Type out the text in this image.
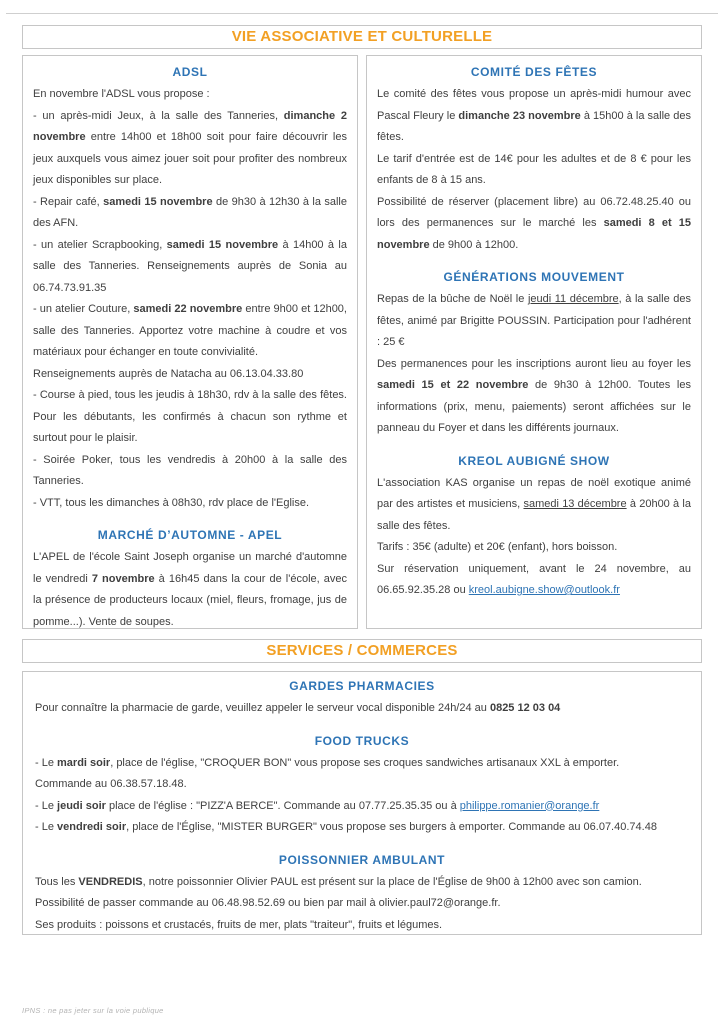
VIE ASSOCIATIVE ET CULTURELLE
ADSL

En novembre l'ADSL vous propose :

- un après-midi Jeux, à la salle des Tanneries, dimanche 2 novembre entre 14h00 et 18h00 soit pour faire découvrir les jeux auxquels vous aimez jouer soit pour profiter des nombreux jeux disponibles sur place.

- Repair café, samedi 15 novembre de 9h30 à 12h30 à la salle des AFN.

- un atelier Scrapbooking, samedi 15 novembre à 14h00 à la salle des Tanneries. Renseignements auprès de Sonia au 06.74.73.91.35

- un atelier Couture, samedi 22 novembre entre 9h00 et 12h00, salle des Tanneries. Apportez votre machine à coudre et vos matériaux pour échanger en toute convivialité.

Renseignements auprès de Natacha au 06.13.04.33.80

- Course à pied, tous les jeudis à 18h30, rdv à la salle des fêtes. Pour les débutants, les confirmés à chacun son rythme et surtout pour le plaisir.

- Soirée Poker, tous les vendredis à 20h00 à la salle des Tanneries.

- VTT, tous les dimanches à 08h30, rdv place de l'Eglise.

MARCHÉ D’AUTOMNE - APEL

L'APEL de l'école Saint Joseph organise un marché d'automne le vendredi 7 novembre à 16h45 dans la cour de l'école, avec la présence de producteurs locaux (miel, fleurs, fromage, jus de pomme...). Vente de soupes.

COMITÉ DES FÊTES

Le comité des fêtes vous propose un après-midi humour avec Pascal Fleury le dimanche 23 novembre à 15h00 à la salle des fêtes.

Le tarif d'entrée est de 14€ pour les adultes et de 8 € pour les enfants de 8 à 15 ans.

Possibilité de réserver (placement libre) au 06.72.48.25.40 ou lors des permanences sur le marché les samedi 8 et 15 novembre de 9h00 à 12h00.

GÉNÉRATIONS MOUVEMENT

Repas de la bûche de Noël le jeudi 11 décembre, à la salle des fêtes, animé par Brigitte POUSSIN. Participation pour l'adhérent : 25 €

Des permanences pour les inscriptions auront lieu au foyer les samedi 15 et 22 novembre de 9h30 à 12h00. Toutes les informations (prix, menu, paiements) seront affichées sur le panneau du Foyer et dans les différents journaux.

KREOL AUBIGNÉ SHOW

L'association KAS organise un repas de noël exotique animé par des artistes et musiciens, samedi 13 décembre à 20h00 à la salle des fêtes.

Tarifs : 35€ (adulte) et 20€ (enfant), hors boisson.

Sur réservation uniquement, avant le 24 novembre, au 06.65.92.35.28 ou kreol.aubigne.show@outlook.fr

SERVICES / COMMERCES
GARDES PHARMACIES

Pour connaître la pharmacie de garde, veuillez appeler le serveur vocal disponible 24h/24 au 0825 12 03 04

FOOD TRUCKS

- Le mardi soir, place de l'église, "CROQUER BON" vous propose ses croques sandwiches artisanaux XXL à emporter.

Commande au 06.38.57.18.48.

- Le jeudi soir place de l'église : "PIZZ'A BERCE". Commande au 07.77.25.35.35 ou à philippe.romanier@orange.fr

- Le vendredi soir, place de l'Église, "MISTER BURGER" vous propose ses burgers à emporter. Commande au 06.07.40.74.48

POISSONNIER AMBULANT

Tous les VENDREDIS, notre poissonnier Olivier PAUL est présent sur la place de l'Église de 9h00 à 12h00 avec son camion. Possibilité de passer commande au 06.48.98.52.69 ou bien par mail à olivier.paul72@orange.fr.

Ses produits : poissons et crustacés, fruits de mer, plats "traiteur", fruits et légumes.

IPNS : ne pas jeter sur la voie publique
